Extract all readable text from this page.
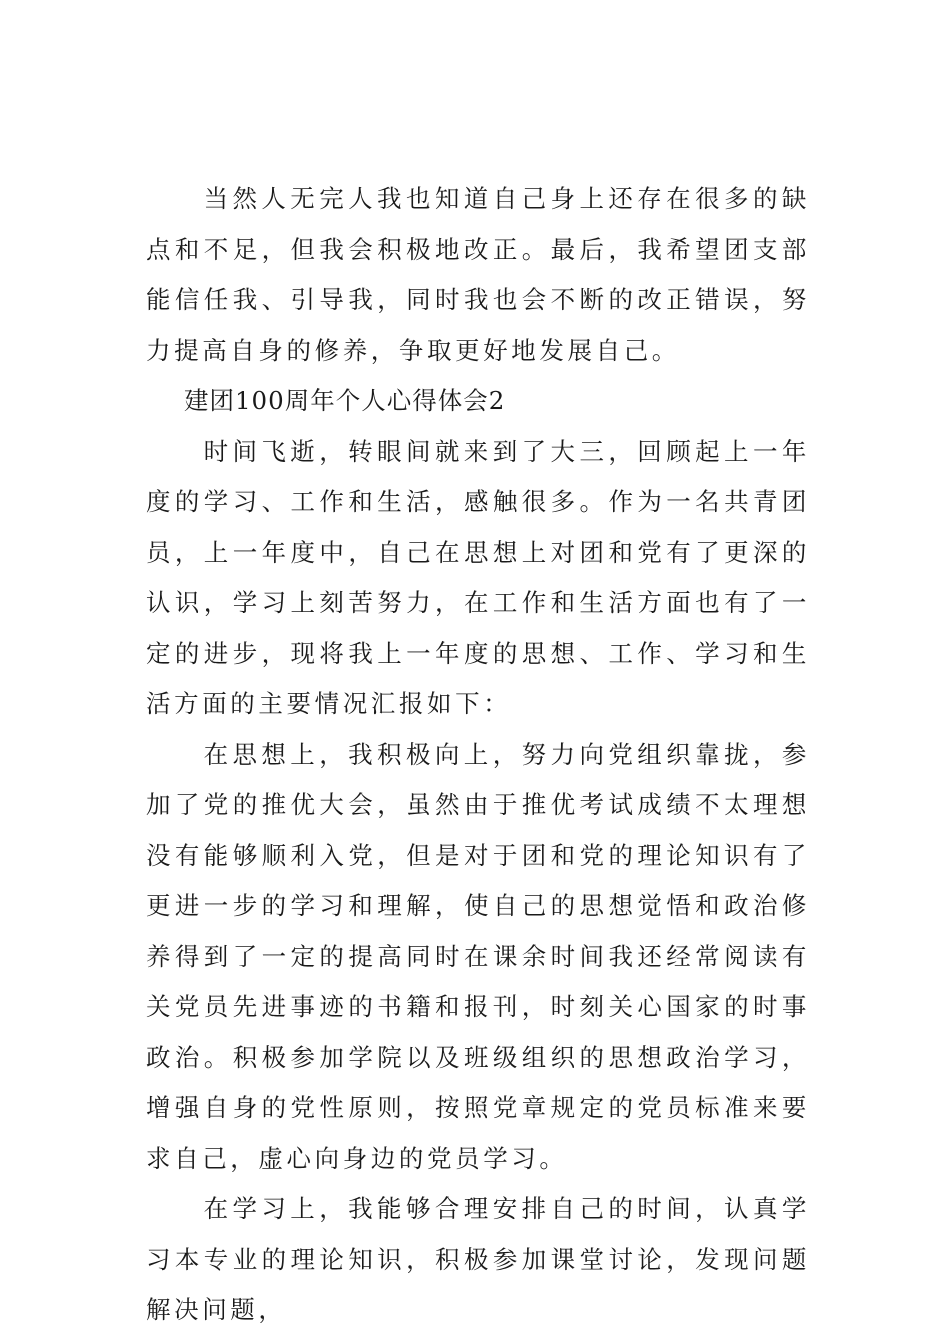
当然人无完人我也知道自己身上还存在很多的缺点和不足，但我会积极地改正。最后，我希望团支部能信任我、引导我，同时我也会不断的改正错误，努力提高自身的修养，争取更好地发展自己。

建团100周年个人心得体会2

时间飞逝，转眼间就来到了大三，回顾起上一年度的学习、工作和生活，感触很多。作为一名共青团员，上一年度中，自己在思想上对团和党有了更深的认识，学习上刻苦努力，在工作和生活方面也有了一定的进步，现将我上一年度的思想、工作、学习和生活方面的主要情况汇报如下：

在思想上，我积极向上，努力向党组织靠拢，参加了党的推优大会，虽然由于推优考试成绩不太理想没有能够顺利入党，但是对于团和党的理论知识有了更进一步的学习和理解，使自己的思想觉悟和政治修养得到了一定的提高同时在课余时间我还经常阅读有关党员先进事迹的书籍和报刊，时刻关心国家的时事政治。积极参加学院以及班级组织的思想政治学习，增强自身的党性原则，按照党章规定的党员标准来要求自己，虚心向身边的党员学习。

在学习上，我能够合理安排自己的时间，认真学习本专业的理论知识，积极参加课堂讨论，发现问题解决问题，
